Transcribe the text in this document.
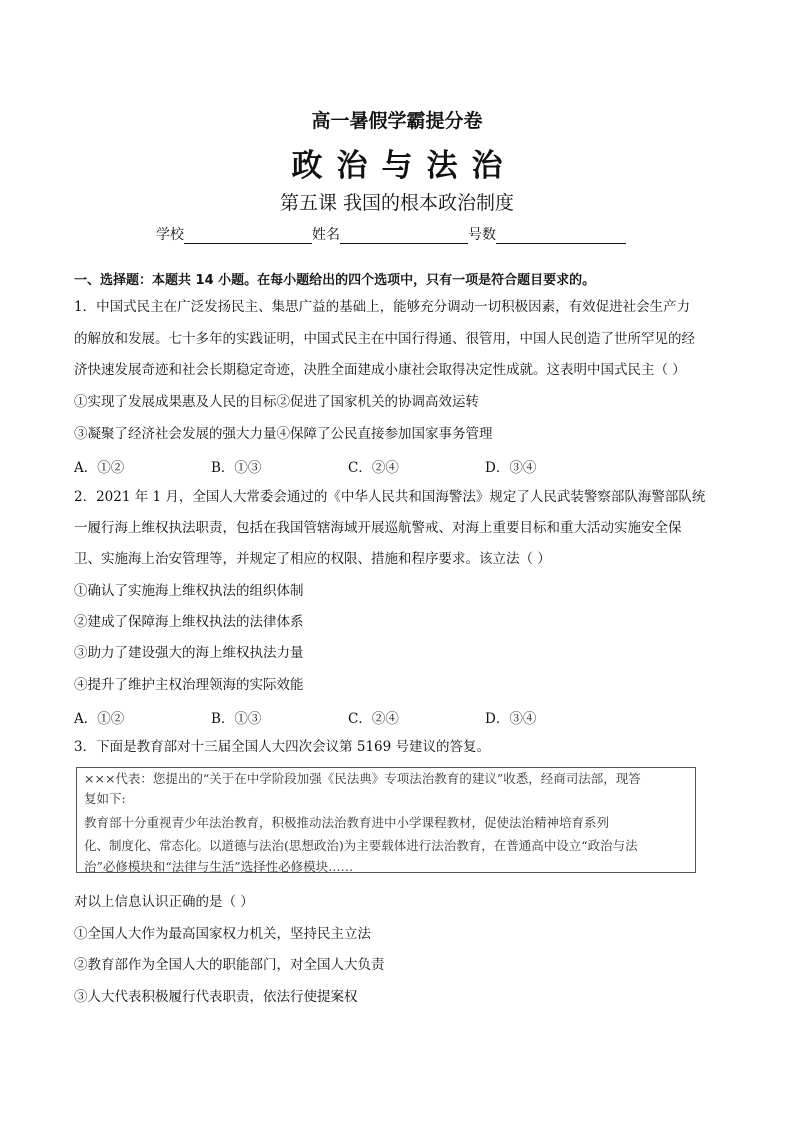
高一暑假学霸提分卷
政治与法治
第五课 我国的根本政治制度
学校	姓名	号数
一、选择题：本题共 14 小题。在每小题给出的四个选项中，只有一项是符合题目要求的。
1．中国式民主在广泛发扬民主、集思广益的基础上，能够充分调动一切积极因素，有效促进社会生产力
的解放和发展。七十多年的实践证明，中国式民主在中国行得通、很管用，中国人民创造了世所罕见的经
济快速发展奇迹和社会长期稳定奇迹，决胜全面建成小康社会取得决定性成就。这表明中国式民主（ ）
①实现了发展成果惠及人民的目标②促进了国家机关的协调高效运转
③凝聚了经济社会发展的强大力量④保障了公民直接参加国家事务管理
A．①②	B．①③	C．②④	D．③④
2．2021 年 1 月，全国人大常委会通过的《中华人民共和国海警法》规定了人民武装警察部队海警部队统
一履行海上维权执法职责，包括在我国管辖海域开展巡航警戒、对海上重要目标和重大活动实施安全保
卫、实施海上治安管理等，并规定了相应的权限、措施和程序要求。该立法（ ）
①确认了实施海上维权执法的组织体制
②建成了保障海上维权执法的法律体系
③助力了建设强大的海上维权执法力量
④提升了维护主权治理领海的实际效能
A．①②	B．①③	C．②④	D．③④
3．下面是教育部对十三届全国人大四次会议第 5169 号建议的答复。
×××代表：您提出的“关于在中学阶段加强《民法典》专项法治教育的建议”收悉，经商司法部，现答
复如下:
教育部十分重视青少年法治教育，积极推动法治教育进中小学课程教材，促使法治精神培育系列
化、制度化、常态化。以道德与法治(思想政治)为主要载体进行法治教育，在普通高中设立“政治与法
治”必修模块和“法律与生活”选择性必修模块……
对以上信息认识正确的是（ ）
①全国人大作为最高国家权力机关，坚持民主立法
②教育部作为全国人大的职能部门，对全国人大负责
③人大代表积极履行代表职责，依法行使提案权
